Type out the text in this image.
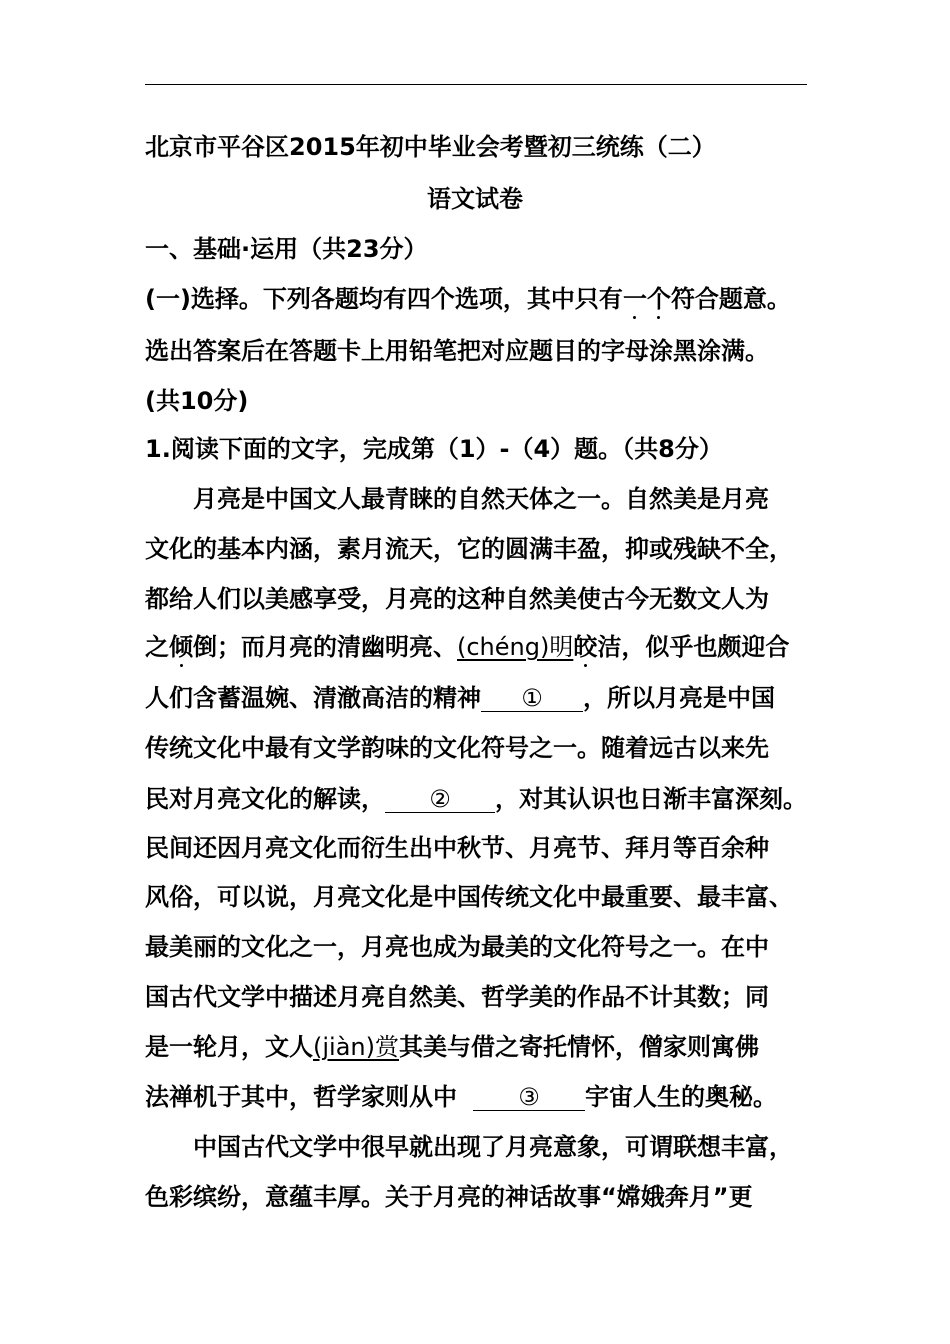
北京市平谷区2015年初中毕业会考暨初三统练（二）
语文试卷
一、基础·运用（共23分）
(一)选择。下列各题均有四个选项，其中只有一个符合题意。
选出答案后在答题卡上用铅笔把对应题目的字母涂黑涂满。
(共10分)
1.阅读下面的文字，完成第（1）-（4）题。（共8分）
月亮是中国文人最青睐的自然天体之一。自然美是月亮
文化的基本内涵，素月流天，它的圆满丰盈，抑或残缺不全，
都给人们以美感享受，月亮的这种自然美使古今无数文人为
之倾倒；而月亮的清幽明亮、(chéng)明皎洁，似乎也颇迎合
人们含蓄温婉、清澈高洁的精神 ① ，所以月亮是中国
传统文化中最有文学韵味的文化符号之一。随着远古以来先
民对月亮文化的解读， ② ，对其认识也日渐丰富深刻。
民间还因月亮文化而衍生出中秋节、月亮节、拜月等百余种
风俗，可以说，月亮文化是中国传统文化中最重要、最丰富、
最美丽的文化之一，月亮也成为最美的文化符号之一。在中
国古代文学中描述月亮自然美、哲学美的作品不计其数；同
是一轮月，文人(jiàn)赏其美与借之寄托情怀，僧家则寓佛
法禅机于其中，哲学家则从中	③ 宇宙人生的奥秘。
中国古代文学中很早就出现了月亮意象，可谓联想丰富，
色彩缤纷，意蕴丰厚。关于月亮的神话故事“嫦娥奔月”更
